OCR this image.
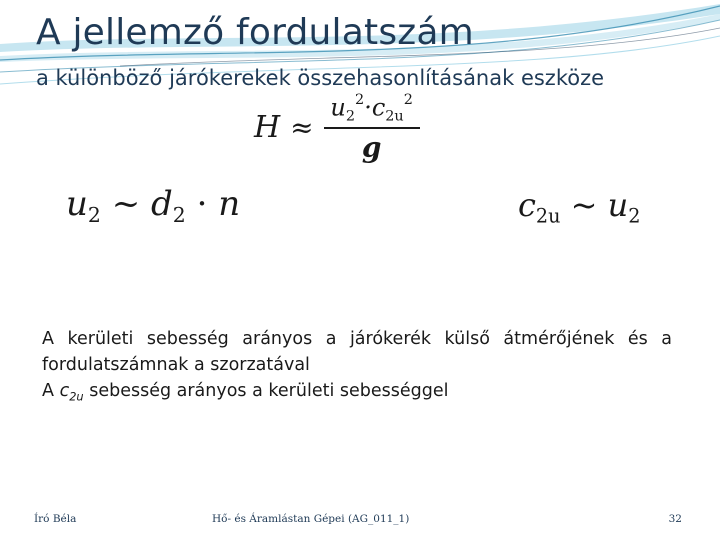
A jellemző fordulatszám
a különböző járókerekek összehasonlításának eszköze
$H \approx \frac{u_2^2\cdot c_{2u}^2}{g}$
$u_2$ ~ $d_2 \cdot n$	$c_{2u}$ ~ $u_2$

A kerületi sebesség arányos a járókerék külső átmérőjének és a fordulatszámnak a szorzatával

A $c_{2u}$ sebesség arányos a kerületi sebességgel

Író Béla	Hő- és Áramlástan Gépei (AG_011_1)	32
